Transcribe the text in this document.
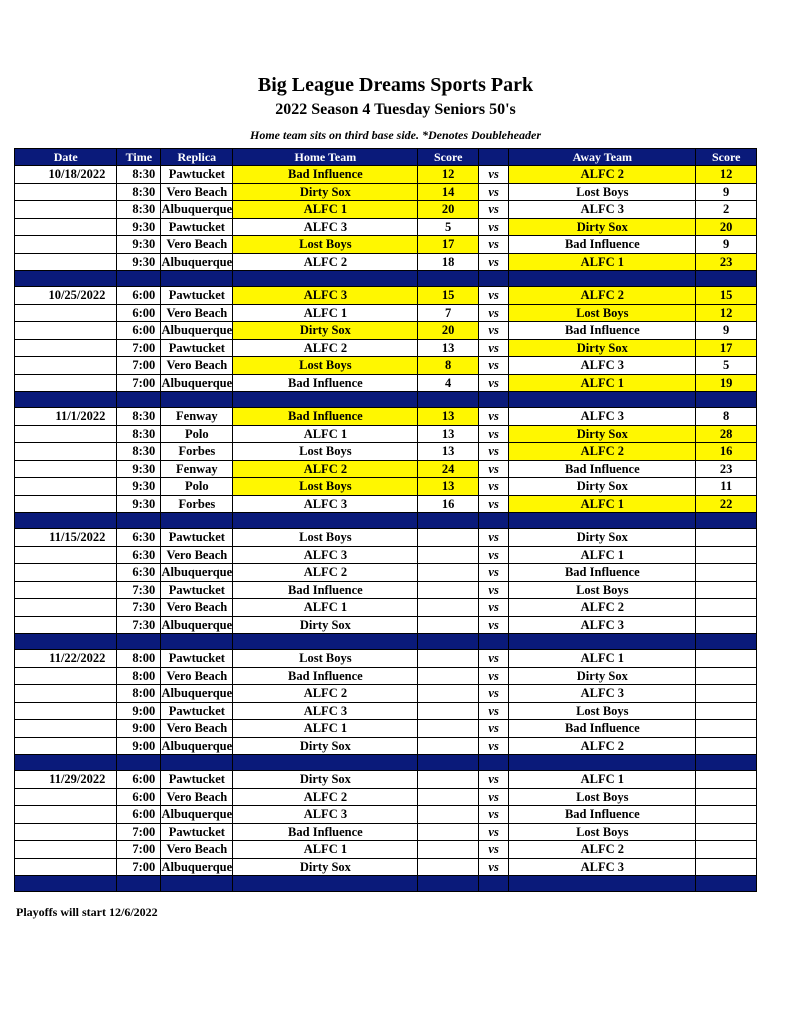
Big League Dreams Sports Park
2022 Season 4 Tuesday Seniors 50's
Home team sits on third base side. *Denotes Doubleheader
Date	Time	Replica	Home Team	Score		Away Team	Score
10/18/2022	8:30	Pawtucket	Bad Influence	12	vs	ALFC 2	12
	8:30	Vero Beach	Dirty Sox	14	vs	Lost Boys	9
	8:30	Albuquerque	ALFC 1	20	vs	ALFC 3	2
	9:30	Pawtucket	ALFC 3	5	vs	Dirty Sox	20
	9:30	Vero Beach	Lost Boys	17	vs	Bad Influence	9
	9:30	Albuquerque	ALFC 2	18	vs	ALFC 1	23

10/25/2022	6:00	Pawtucket	ALFC 3	15	vs	ALFC 2	15
	6:00	Vero Beach	ALFC 1	7	vs	Lost Boys	12
	6:00	Albuquerque	Dirty Sox	20	vs	Bad Influence	9
	7:00	Pawtucket	ALFC 2	13	vs	Dirty Sox	17
	7:00	Vero Beach	Lost Boys	8	vs	ALFC 3	5
	7:00	Albuquerque	Bad Influence	4	vs	ALFC 1	19

11/1/2022	8:30	Fenway	Bad Influence	13	vs	ALFC 3	8
	8:30	Polo	ALFC 1	13	vs	Dirty Sox	28
	8:30	Forbes	Lost Boys	13	vs	ALFC 2	16
	9:30	Fenway	ALFC 2	24	vs	Bad Influence	23
	9:30	Polo	Lost Boys	13	vs	Dirty Sox	11
	9:30	Forbes	ALFC 3	16	vs	ALFC 1	22

11/15/2022	6:30	Pawtucket	Lost Boys		vs	Dirty Sox	
	6:30	Vero Beach	ALFC 3		vs	ALFC 1	
	6:30	Albuquerque	ALFC 2		vs	Bad Influence	
	7:30	Pawtucket	Bad Influence		vs	Lost Boys	
	7:30	Vero Beach	ALFC 1		vs	ALFC 2	
	7:30	Albuquerque	Dirty Sox		vs	ALFC 3	

11/22/2022	8:00	Pawtucket	Lost Boys		vs	ALFC 1	
	8:00	Vero Beach	Bad Influence		vs	Dirty Sox	
	8:00	Albuquerque	ALFC 2		vs	ALFC 3	
	9:00	Pawtucket	ALFC 3		vs	Lost Boys	
	9:00	Vero Beach	ALFC 1		vs	Bad Influence	
	9:00	Albuquerque	Dirty Sox		vs	ALFC 2	

11/29/2022	6:00	Pawtucket	Dirty Sox		vs	ALFC 1	
	6:00	Vero Beach	ALFC 2		vs	Lost Boys	
	6:00	Albuquerque	ALFC 3		vs	Bad Influence	
	7:00	Pawtucket	Bad Influence		vs	Lost Boys	
	7:00	Vero Beach	ALFC 1		vs	ALFC 2	
	7:00	Albuquerque	Dirty Sox		vs	ALFC 3	

Playoffs will start 12/6/2022
